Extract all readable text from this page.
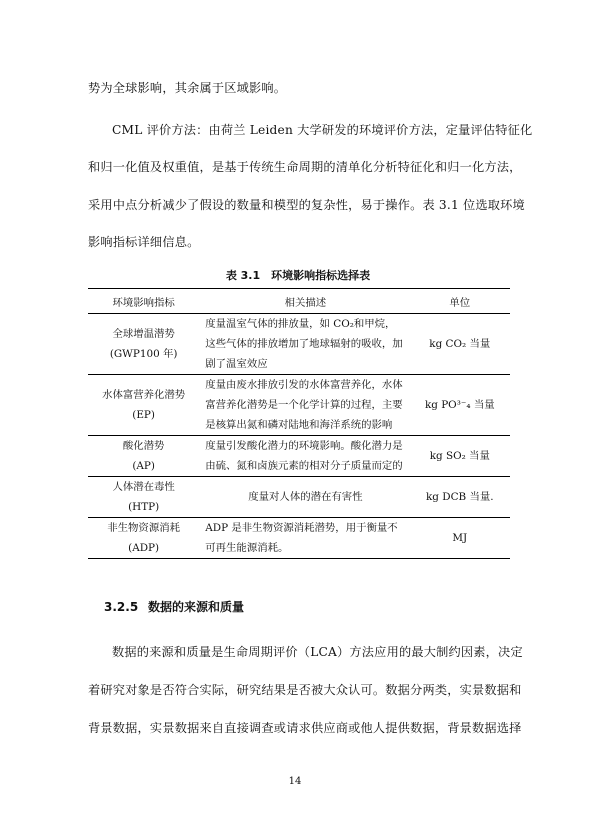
势为全球影响，其余属于区域影响。
CML 评价方法：由荷兰 Leiden 大学研发的环境评价方法，定量评估特征化
和归一化值及权重值，是基于传统生命周期的清单化分析特征化和归一化方法，
采用中点分析减少了假设的数量和模型的复杂性，易于操作。表 3.1 位选取环境
影响指标详细信息。
表 3.1　环境影响指标选择表
环境影响指标	相关描述	单位

全球增温潜势
(GWP100 年)	度量温室气体的排放量，如 CO₂和甲烷，这些气体的排放增加了地球辐射的吸收，加剧了温室效应	kg CO₂ 当量

水体富营养化潜势
(EP)	度量由废水排放引发的水体富营养化，水体富营养化潜势是一个化学计算的过程，主要是核算出氮和磷对陆地和海洋系统的影响	kg PO³⁻₄ 当量

酸化潜势
(AP)	度量引发酸化潜力的环境影响。酸化潜力是由硫、氮和卤族元素的相对分子质量而定的	kg SO₂ 当量

人体潜在毒性
(HTP)	度量对人体的潜在有害性	kg DCB 当量.

非生物资源消耗
(ADP)	ADP 是非生物资源消耗潜势，用于衡量不可再生能源消耗。	MJ
3.2.5 数据的来源和质量
数据的来源和质量是生命周期评价（LCA）方法应用的最大制约因素，决定
着研究对象是否符合实际，研究结果是否被大众认可。数据分两类，实景数据和
背景数据，实景数据来自直接调查或请求供应商或他人提供数据，背景数据选择
14
